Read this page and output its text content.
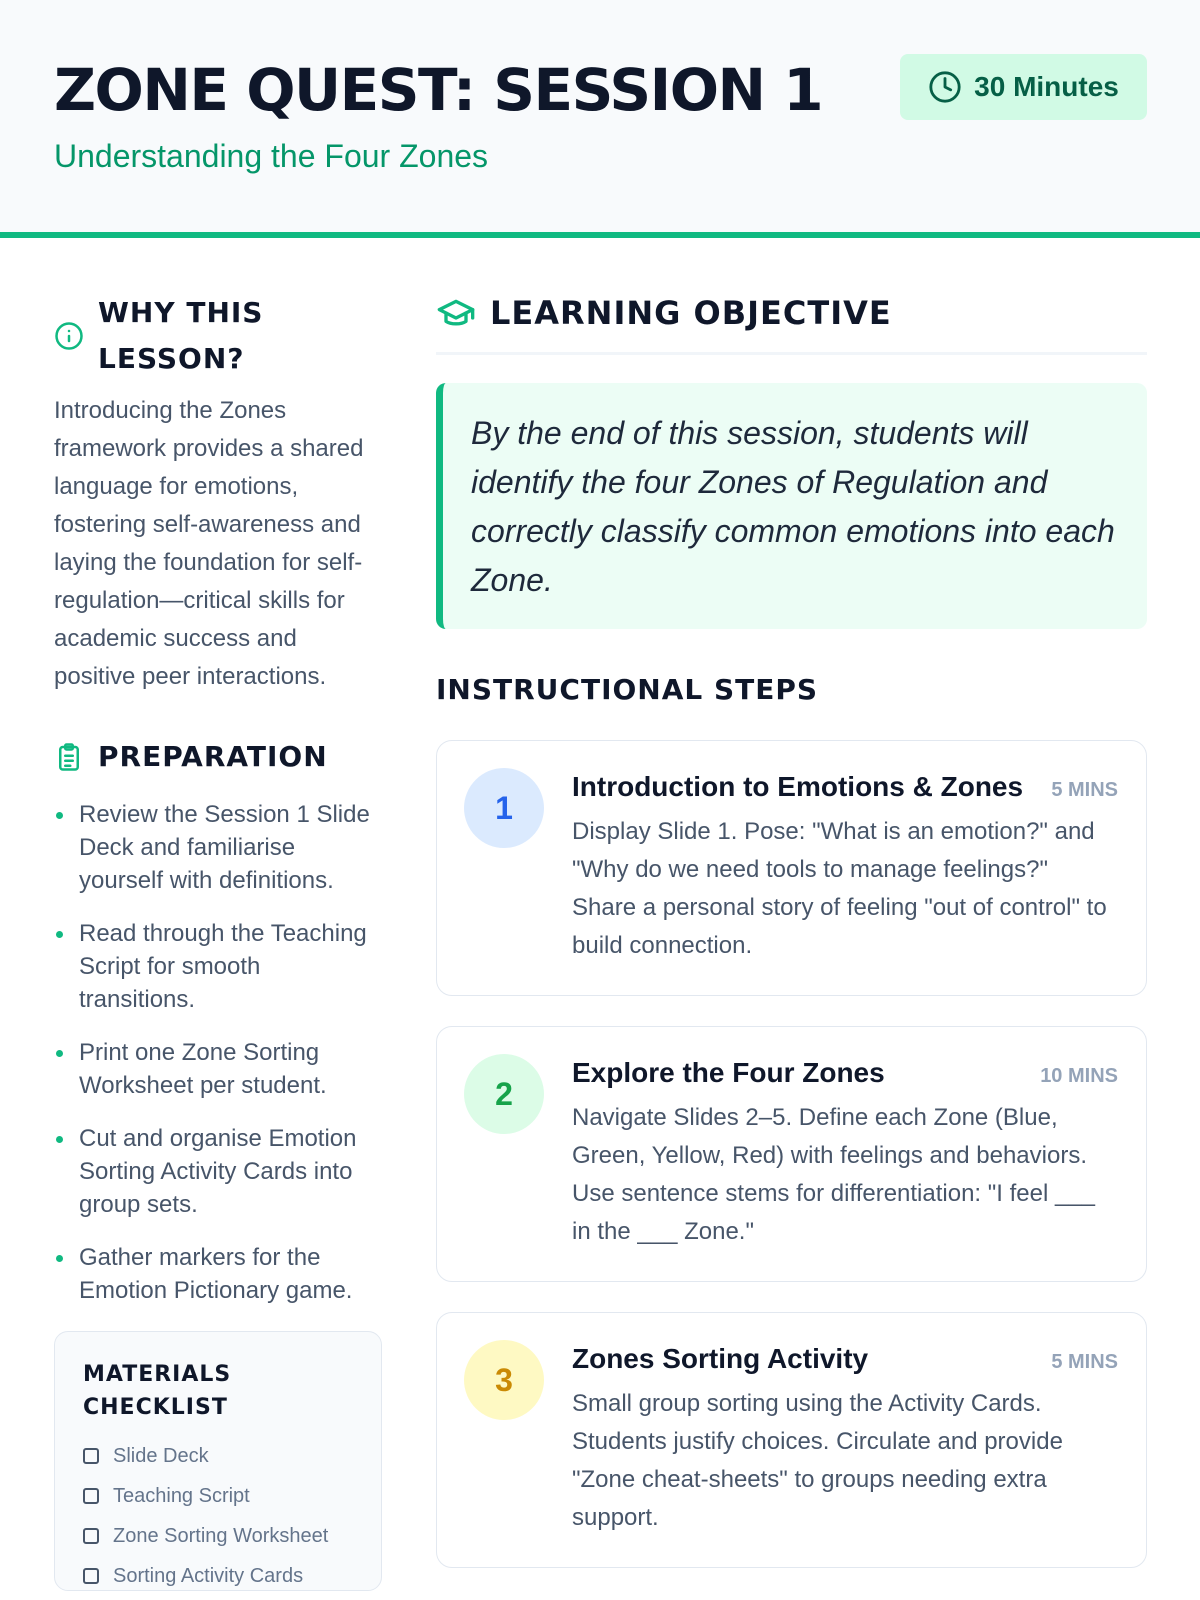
ZONE QUEST: SESSION 1
Understanding the Four Zones
30 Minutes
WHY THIS LESSON?

Introducing the Zones framework provides a shared language for emotions, fostering self-awareness and laying the foundation for self-regulation—critical skills for academic success and positive peer interactions.

PREPARATION
Review the Session 1 Slide Deck and familiarise yourself with definitions.
Read through the Teaching Script for smooth transitions.
Print one Zone Sorting Worksheet per student.
Cut and organise Emotion Sorting Activity Cards into group sets.
Gather markers for the Emotion Pictionary game.
MATERIALS CHECKLIST
Slide Deck
Teaching Script
Zone Sorting Worksheet
Sorting Activity Cards
LEARNING OBJECTIVE
By the end of this session, students will identify the four Zones of Regulation and correctly classify common emotions into each Zone.
INSTRUCTIONAL STEPS
1
Introduction to Emotions & Zones 5 MINS

Display Slide 1. Pose: "What is an emotion?" and "Why do we need tools to manage feelings?" Share a personal story of feeling "out of control" to build connection.

2
Explore the Four Zones	10 MINS

Navigate Slides 2–5. Define each Zone (Blue, Green, Yellow, Red) with feelings and behaviors. Use sentence stems for differentiation: "I feel ___ in the ___ Zone."

3
Zones Sorting Activity	5 MINS

Small group sorting using the Activity Cards. Students justify choices. Circulate and provide "Zone cheat-sheets" to groups needing extra support.
